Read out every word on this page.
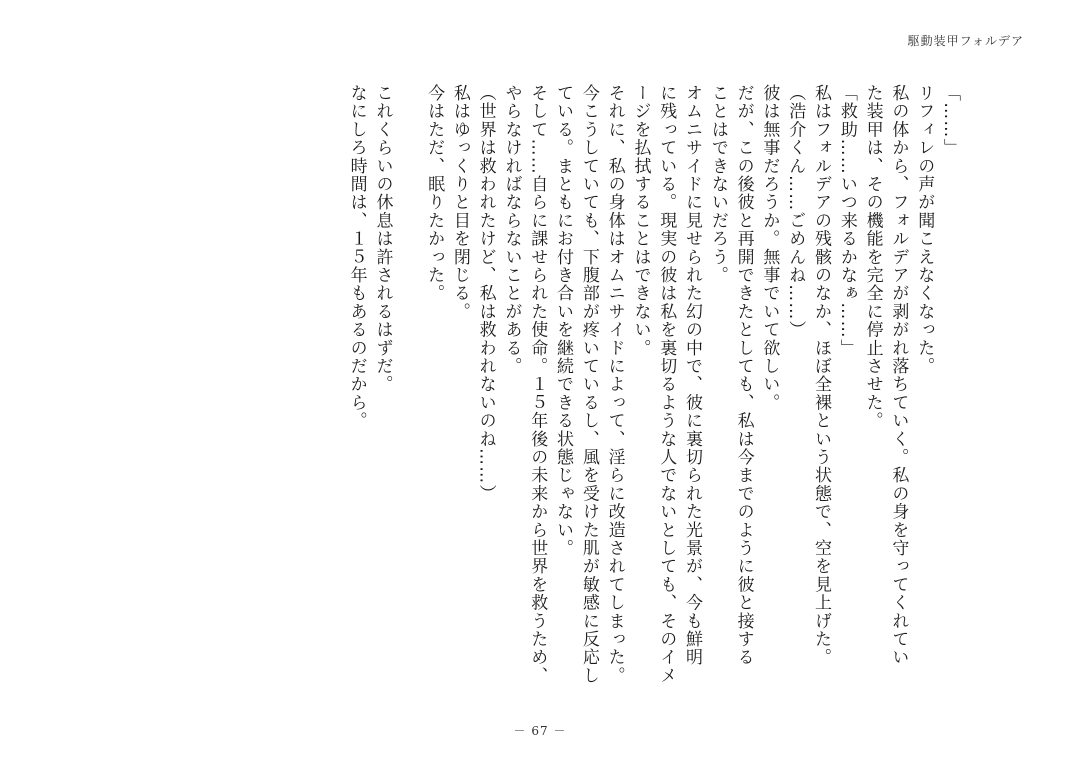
駆動装甲フォルデア
「……」
リフィレの声が聞こえなくなった。
私の体から、フォルデアが剥がれ落ちていく。私の身を守ってくれてい
た装甲は、その機能を完全に停止させた。
「救助……いつ来るかなぁ……」
私はフォルデアの残骸のなか、ほぼ全裸という状態で、空を見上げた。
（浩介くん……ごめんね……）
彼は無事だろうか。無事でいて欲しい。
だが、この後彼と再開できたとしても、私は今までのように彼と接する
ことはできないだろう。
オムニサイドに見せられた幻の中で、彼に裏切られた光景が、今も鮮明
に残っている。現実の彼は私を裏切るような人でないとしても、そのイメ
ージを払拭することはできない。
それに、私の身体はオムニサイドによって、淫らに改造されてしまった。
今こうしていても、下腹部が疼いているし、風を受けた肌が敏感に反応し
ている。まともにお付き合いを継続できる状態じゃない。
そして……自らに課せられた使命。１５年後の未来から世界を救うため、
やらなければならないことがある。
（世界は救われたけど、私は救われないのね……）
私はゆっくりと目を閉じる。
今はただ、眠りたかった。

これくらいの休息は許されるはずだ。
なにしろ時間は、１５年もあるのだから。
－ 67 －
